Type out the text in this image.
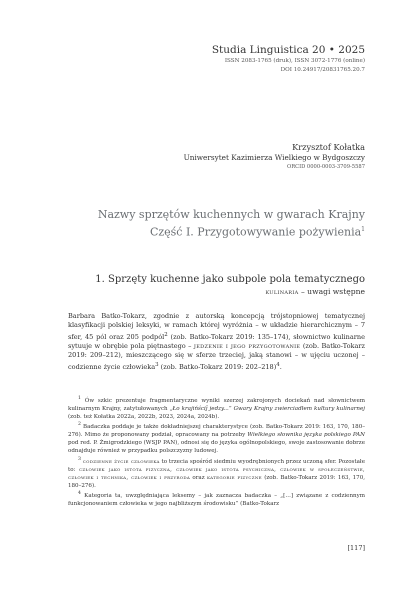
Studia Linguistica 20 • 2025
ISSN 2083-1765 (druk), ISSN 3072-1776 (online)
DOI 10.24917/20831765.20.7
Krzysztof Kołatka
Uniwersytet Kazimierza Wielkiego w Bydgoszczy
ORCID 0000-0003-3709-5587
Nazwy sprzętów kuchennych w gwarach Krajny
Część I. Przygotowywanie pożywienia$^1$
1. Sprzęty kuchenne jako subpole pola tematycznego
kulinaria – uwagi wstępne

Barbara Batko-Tokarz, zgodnie z autorską koncepcją trójstopniowej tematycznej klasyfikacji polskiej leksyki, w ramach której wyróżnia – w układzie hierarchicznym – 7 sfer, 45 pól oraz 205 podpól$^2$ (zob. Batko-Tokarz 2019: 135–174), słownictwo kulinarne sytuuje w obrębie pola piętnastego – jedzenie i jego przygotowanie (zob. Batko-Tokarz 2019: 209–212), mieszczącego się w sferze trzeciej, jaką stanowi – w ujęciu uczonej – codzienne życie człowieka$^3$ (zob. Batko-Tokarz 2019: 202–218)$^4$.

$^1$ Ów szkic prezentuje fragmentaryczne wyniki szerzej zakrojonych dociekań nad słownictwem kulinarnym Krajny, zatytułowanych „Ło krajińściĵ jedzy...” Gwary Krajny zwierciadłem kultury kulinarnej (zob. też Kołatka 2022a, 2022b, 2023, 2024a, 2024b).

$^2$ Badaczka poddaje je także dokładniejszej charakterystyce (zob. Batko-Tokarz 2019: 163, 170, 180–276). Mimo że proponowany podział, opracowany na potrzeby Wielkiego słownika języka polskiego PAN pod red. P. Żmigrodzkiego (WSJP PAN), odnosi się do języka ogólnopolskiego, swoje zastosowanie dobrze odnajduje również w przypadku polszczyzny ludowej.

$^3$ codzienne życie człowieka to trzecia spośród siedmiu wyodrębnionych przez uczoną sfer. Pozostałe to: człowiek jako istota fizyczna, człowiek jako istota psychiczna, człowiek w społeczeństwie, człowiek i technika, człowiek i przyroda oraz kategorie fizyczne (zob. Batko-Tokarz 2019: 163, 170, 180–276).

$^4$ Kategoria ta, uwzględniająca leksemy – jak zaznacza badaczka – „[…] związane z codziennym funkcjonowaniem człowieka w jego najbliższym środowisku” (Batko-Tokarz

[117]
